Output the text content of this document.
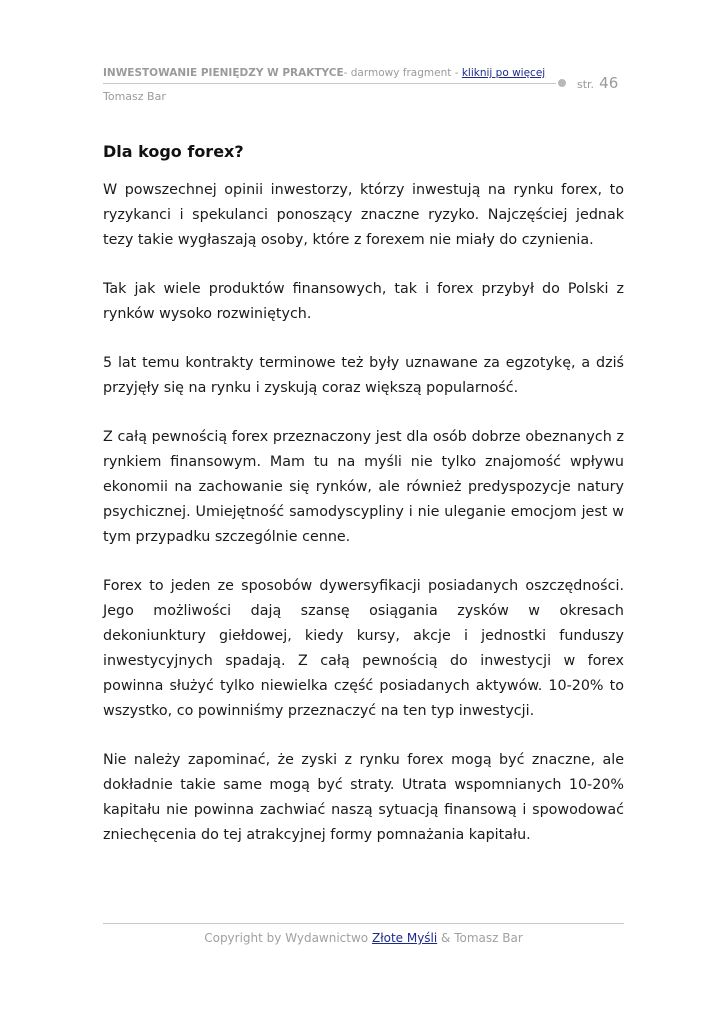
INWESTOWANIE PIENIĘDZY W PRAKTYCE- darmowy fragment - kliknij po więcej
str. 46
Tomasz Bar
Dla kogo forex?

W powszechnej opinii inwestorzy, którzy inwestują na rynku forex, to ryzykanci i spekulanci ponoszący znaczne ryzyko. Najczęściej jednak tezy takie wygłaszają osoby, które z forexem nie miały do czynienia.

Tak jak wiele produktów finansowych, tak i forex przybył do Polski z rynków wysoko rozwiniętych.

5 lat temu kontrakty terminowe też były uznawane za egzotykę, a dziś przyjęły się na rynku i zyskują coraz większą popularność.

Z całą pewnością forex przeznaczony jest dla osób dobrze obeznanych z rynkiem finansowym. Mam tu na myśli nie tylko znajomość wpływu ekonomii na zachowanie się rynków, ale również predyspozycje natury psychicznej. Umiejętność samodyscypliny i nie uleganie emocjom jest w tym przypadku szczególnie cenne.

Forex to jeden ze sposobów dywersyfikacji posiadanych oszczędności. Jego możliwości dają szansę osiągania zysków w okresach dekoniunktury giełdowej, kiedy kursy, akcje i jednostki funduszy inwestycyjnych spadają. Z całą pewnością do inwestycji w forex powinna służyć tylko niewielka część posiadanych aktywów. 10-20% to wszystko, co powinniśmy przeznaczyć na ten typ inwestycji.

Nie należy zapominać, że zyski z rynku forex mogą być znaczne, ale dokładnie takie same mogą być straty. Utrata wspomnianych 10-20% kapitału nie powinna zachwiać naszą sytuacją finansową i spowodować zniechęcenia do tej atrakcyjnej formy pomnażania kapitału.

Copyright by Wydawnictwo Złote Myśli & Tomasz Bar
